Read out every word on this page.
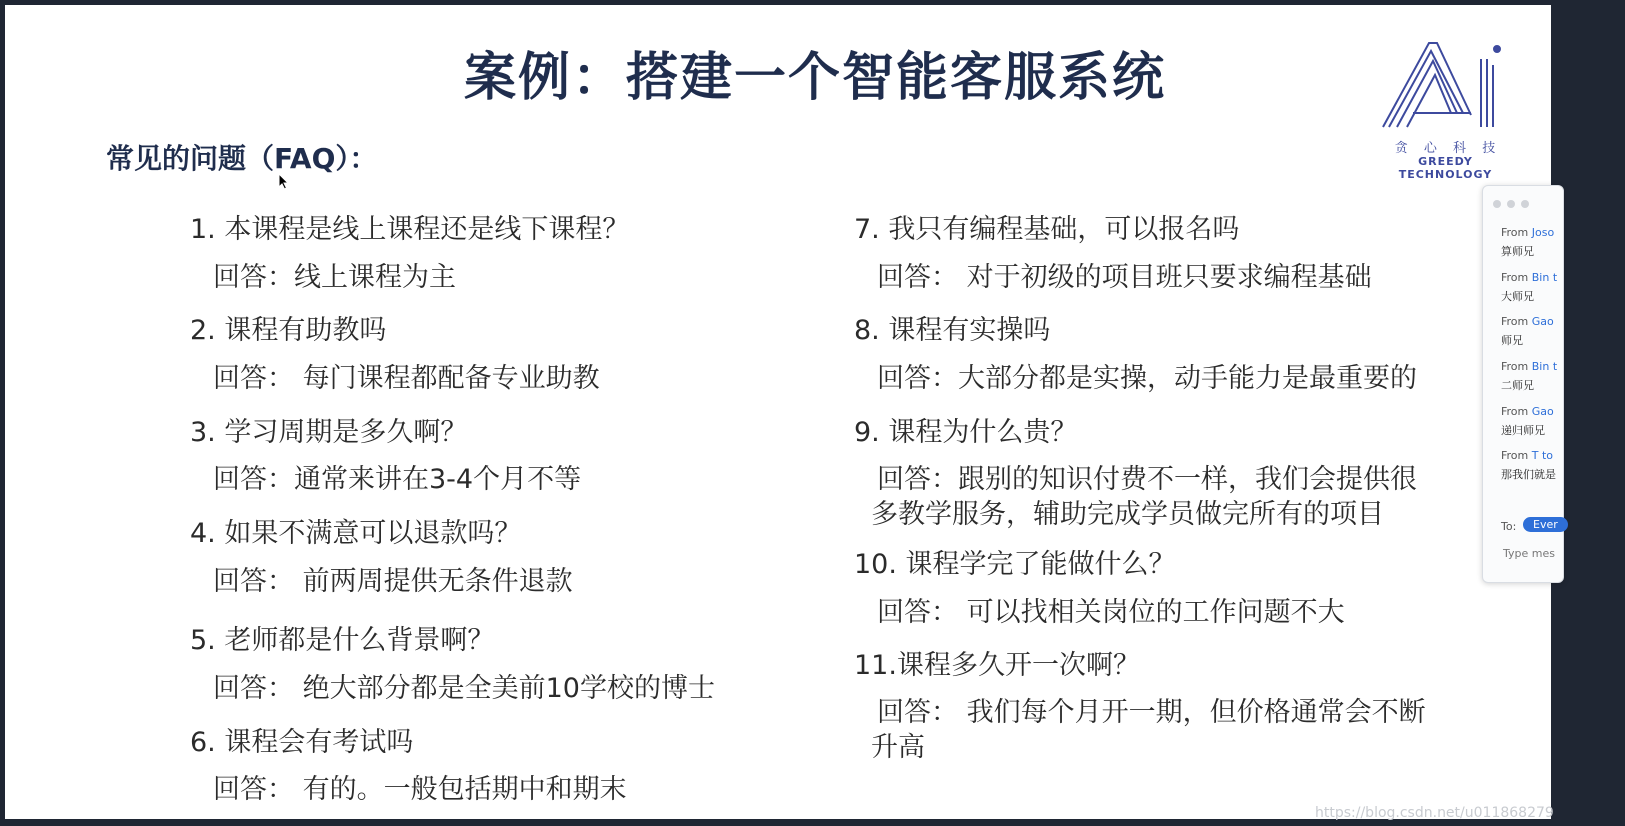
案例：搭建一个智能客服系统
常见的问题（FAQ）：	贪 心 科 技
GREEDY TECHNOLOGY
1. 本课程是线上课程还是线下课程？
回答：线上课程为主
2. 课程有助教吗
回答： 每门课程都配备专业助教
3. 学习周期是多久啊？
回答：通常来讲在3-4个月不等
4. 如果不满意可以退款吗？
回答： 前两周提供无条件退款
5. 老师都是什么背景啊？
回答： 绝大部分都是全美前10学校的博士
6. 课程会有考试吗
回答： 有的。一般包括期中和期末
7. 我只有编程基础，可以报名吗
回答： 对于初级的项目班只要求编程基础
8. 课程有实操吗
回答：大部分都是实操，动手能力是最重要的
9. 课程为什么贵？
回答：跟别的知识付费不一样，我们会提供很
多教学服务，辅助完成学员做完所有的项目
10. 课程学完了能做什么？
回答： 可以找相关岗位的工作问题不大
11.课程多久开一次啊？
回答： 我们每个月开一期，但价格通常会不断
升高
From Joso
算师兄
From Bin t
大师兄
From Gao
师兄
From Bin t
二师兄
From Gao
递归师兄
From T to
那我们就是
To:	Ever
Type mes
https://blog.csdn.net/u011868279
